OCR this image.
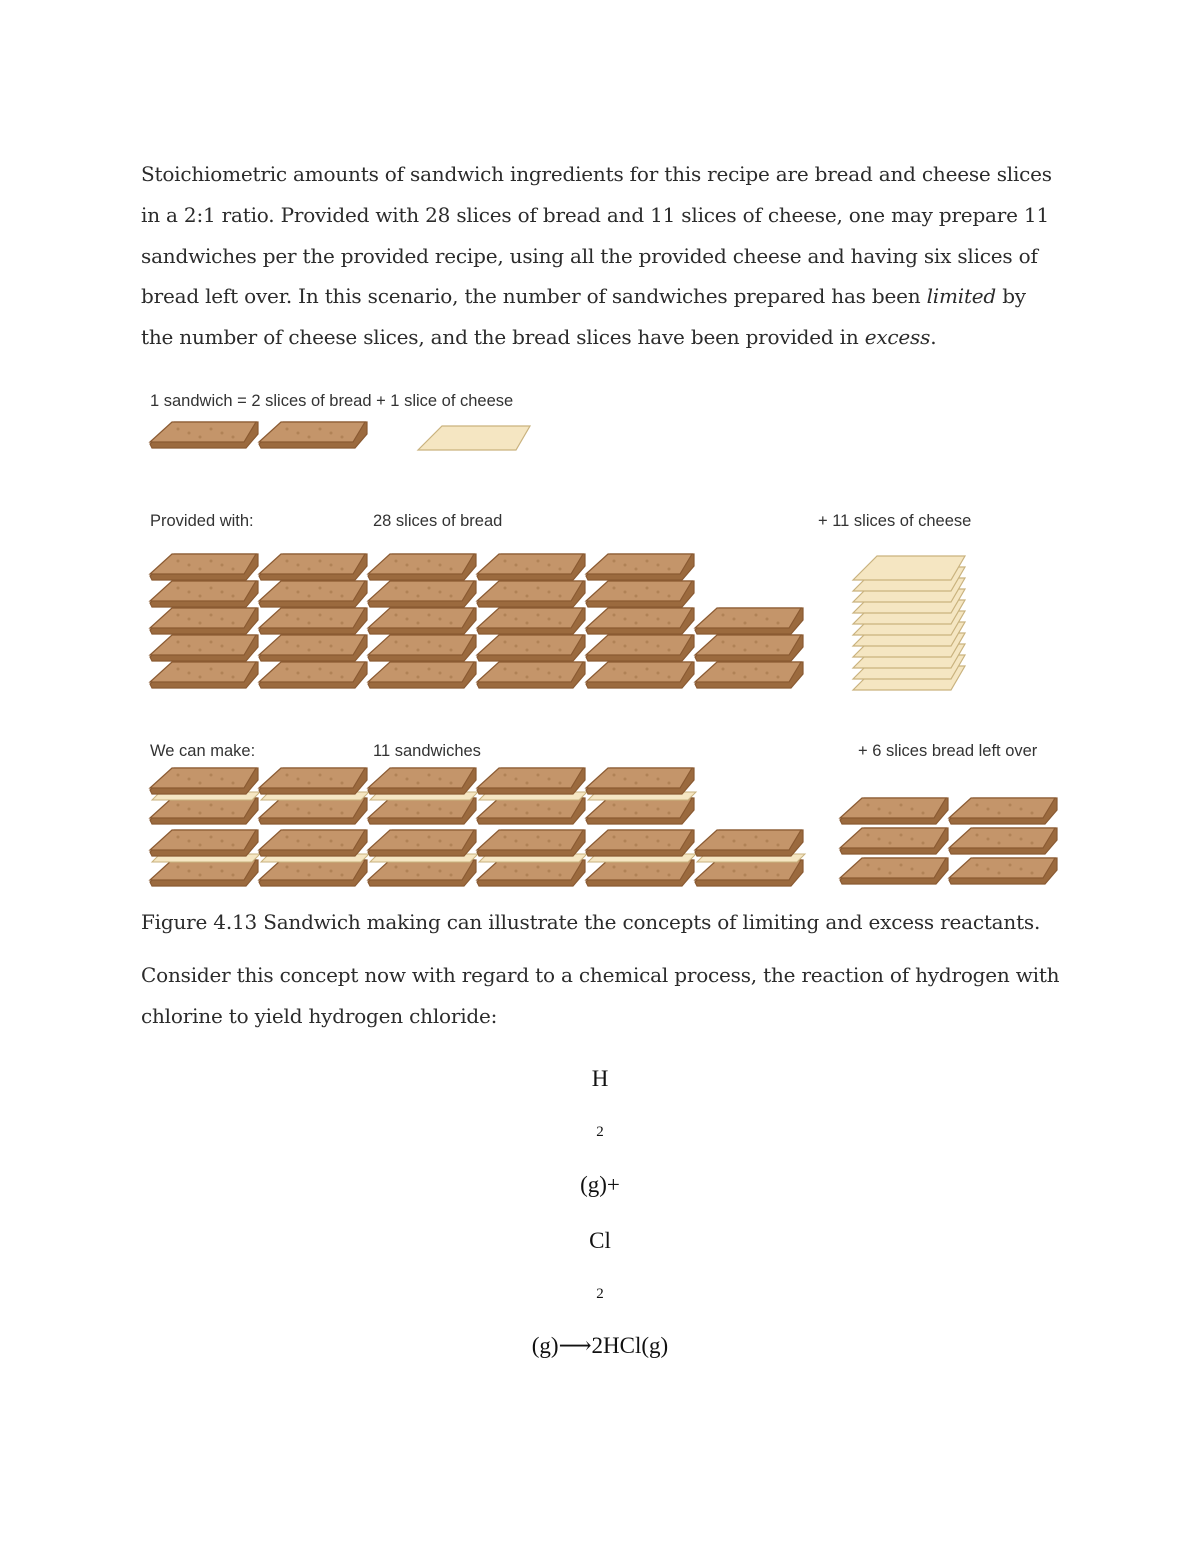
Stoichiometric amounts of sandwich ingredients for this recipe are bread and cheese slices in a 2:1 ratio. Provided with 28 slices of bread and 11 slices of cheese, one may prepare 11 sandwiches per the provided recipe, using all the provided cheese and having six slices of bread left over. In this scenario, the number of sandwiches prepared has been limited by the number of cheese slices, and the bread slices have been provided in excess.

1 sandwich = 2 slices of bread + 1 slice of cheese
Provided with:	28 slices of bread	+ 11 slices of cheese
We can make:	11 sandwiches	+ 6 slices bread left over
Figure 4.13 Sandwich making can illustrate the concepts of limiting and excess reactants.

Consider this concept now with regard to a chemical process, the reaction of hydrogen with chlorine to yield hydrogen chloride:

H
2
(g)+
Cl
2
(g)⟶2HCl(g)
